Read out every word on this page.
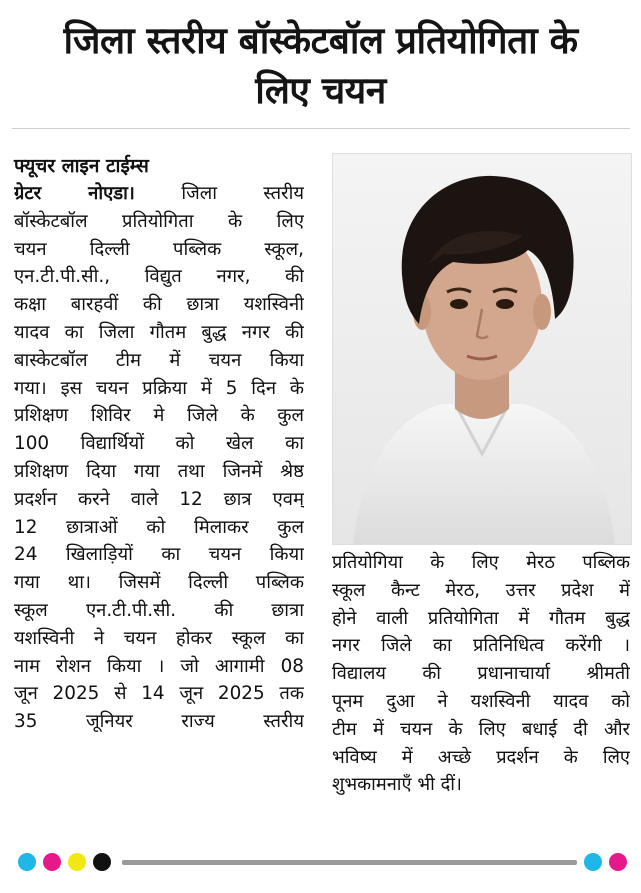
जिला स्तरीय बॉस्केटबॉल प्रतियोगिता के
लिए चयन
फ्यूचर लाइन टाईम्स
ग्रेटर नोएडा।	जिला स्तरीय
बॉस्केटबॉल प्रतियोगिता के लिए
चयन दिल्ली पब्लिक स्कूल,
एन.टी.पी.सी., विद्युत नगर, की
कक्षा बारहवीं की छात्रा यशस्विनी
यादव का जिला गौतम बुद्ध नगर की
बास्केटबॉल टीम में चयन किया
गया। इस चयन प्रक्रिया में 5 दिन के
प्रशिक्षण शिविर मे जिले के कुल
100 विद्यार्थियों को खेल का
प्रशिक्षण दिया गया तथा जिनमें श्रेष्ठ
प्रदर्शन करने वाले 12 छात्र एवम्
12 छात्राओं को मिलाकर कुल
24 खिलाड़ियों का चयन किया
गया था। जिसमें दिल्ली पब्लिक
स्कूल एन.टी.पी.सी. की छात्रा
यशस्विनी ने चयन होकर स्कूल का
नाम रोशन किया । जो आगामी 08
जून 2025 से 14 जून 2025 तक
35 जूनियर राज्य स्तरीय
प्रतियोगिया के लिए मेरठ पब्लिक
स्कूल कैन्ट मेरठ, उत्तर प्रदेश में
होने वाली प्रतियोगिता में गौतम बुद्ध
नगर जिले का प्रतिनिधित्व करेंगी ।
विद्यालय की प्रधानाचार्या श्रीमती
पूनम दुआ ने यशस्विनी यादव को
टीम में चयन के लिए बधाई दी और
भविष्य में अच्छे प्रदर्शन के लिए
शुभकामनाएँ भी दीं।
